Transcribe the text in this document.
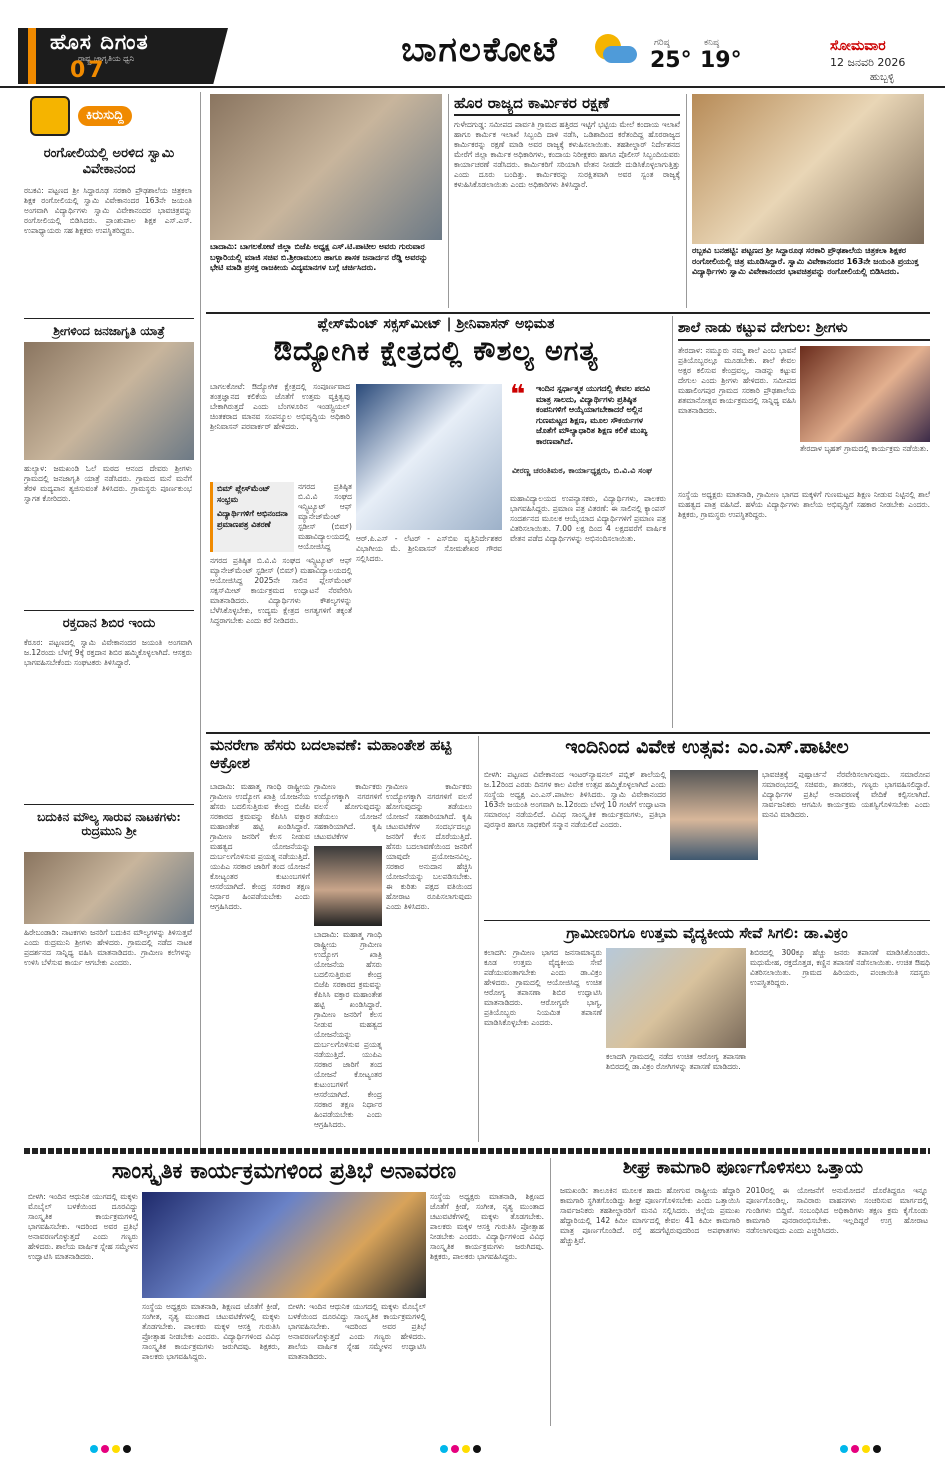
ಹೊಸ ದಿಗಂತ
ರಾಷ್ಟ್ರ ಜಾಗೃತಿಯ ಧ್ವನಿ
07
ಬಾಗಲಕೋಟೆ	ಗರಿಷ್ಠ
25°
ಕನಿಷ್ಠ
19°
ಸೋಮವಾರ
12 ಜನವರಿ 2026
ಹುಬ್ಬಳ್ಳಿ
ಕಿರುಸುದ್ದಿ
ರಂಗೋಲಿಯಲ್ಲಿ ಅರಳಿದ ಸ್ವಾಮಿ ವಿವೇಕಾನಂದ
ರಬಕವಿ: ಪಟ್ಟಣದ ಶ್ರೀ ಸಿದ್ದಾರೂಢ ಸರಕಾರಿ ಪ್ರೌಢಶಾಲೆಯ ಚಿತ್ರಕಲಾ ಶಿಕ್ಷಕ ರಂಗೋಲಿಯಲ್ಲಿ ಸ್ವಾಮಿ ವಿವೇಕಾನಂದರ 163ನೇ ಜಯಂತಿ ಅಂಗವಾಗಿ ವಿದ್ಯಾರ್ಥಿಗಳು ಸ್ವಾಮಿ ವಿವೇಕಾನಂದರ ಭಾವಚಿತ್ರವನ್ನು ರಂಗೋಲಿಯಲ್ಲಿ ಬಿಡಿಸಿದರು. ಪ್ರಾಂಶುಪಾಲ ಶಿಕ್ಷಕ ಎಸ್.ಎಸ್. ಉಪಾಧ್ಯಾಯರು ಸಹ ಶಿಕ್ಷಕರು ಉಪಸ್ಥಿತರಿದ್ದರು.
ಶ್ರೀಗಳಿಂದ ಜನಜಾಗೃತಿ ಯಾತ್ರೆ
ಹುಲ್ಯಾಳ: ಜಮಖಂಡಿ ಓಲೆ ಮಠದ ಆನಂದ ದೇವರು ಶ್ರೀಗಳು ಗ್ರಾಮದಲ್ಲಿ ಜನಜಾಗೃತಿ ಯಾತ್ರೆ ನಡೆಸಿದರು. ಗ್ರಾಮದ ಮನೆ ಮನೆಗೆ ತೆರಳಿ ಮದ್ಯಪಾನ ತ್ಯಜಿಸುವಂತೆ ತಿಳಿಸಿದರು. ಗ್ರಾಮಸ್ಥರು ಪೂರ್ಣಕುಂಭ ಸ್ವಾಗತ ಕೋರಿದರು.
ರಕ್ತದಾನ ಶಿಬಿರ ಇಂದು
ಕೆರೂರ: ಪಟ್ಟಣದಲ್ಲಿ ಸ್ವಾಮಿ ವಿವೇಕಾನಂದರ ಜಯಂತಿ ಅಂಗವಾಗಿ ಜ.12ರಂದು ಬೆಳಗ್ಗೆ 9ಕ್ಕೆ ರಕ್ತದಾನ ಶಿಬಿರ ಹಮ್ಮಿಕೊಳ್ಳಲಾಗಿದೆ. ಆಸಕ್ತರು ಭಾಗವಹಿಸಬೇಕೆಂದು ಸಂಘಟಕರು ತಿಳಿಸಿದ್ದಾರೆ.
ಬದುಕಿನ ಮೌಲ್ಯ ಸಾರುವ ನಾಟಕಗಳು: ರುದ್ರಮುನಿ ಶ್ರೀ
ಹಿರೇಬಂಡಾಡಿ: ನಾಟಕಗಳು ಜನರಿಗೆ ಬದುಕಿನ ಮೌಲ್ಯಗಳನ್ನು ತಿಳಿಸುತ್ತವೆ ಎಂದು ರುದ್ರಮುನಿ ಶ್ರೀಗಳು ಹೇಳಿದರು. ಗ್ರಾಮದಲ್ಲಿ ನಡೆದ ನಾಟಕ ಪ್ರದರ್ಶನದ ಸಾನ್ನಿಧ್ಯ ವಹಿಸಿ ಮಾತನಾಡಿದರು. ಗ್ರಾಮೀಣ ಕಲೆಗಳನ್ನು ಉಳಿಸಿ ಬೆಳೆಸುವ ಕಾರ್ಯ ಆಗಬೇಕು ಎಂದರು.
ಬಾದಾಮಿ: ಬಾಗಲಕೋಟೆ ಜಿಲ್ಲಾ ಬಿಜೆಪಿ ಅಧ್ಯಕ್ಷ ಎಸ್.ಟಿ.ಪಾಟೀಲ ಅವರು ಗುರುವಾರ ಬಳ್ಳಾರಿಯಲ್ಲಿ ಮಾಜಿ ಸಚಿವ ಬಿ.ಶ್ರೀರಾಮುಲು ಹಾಗೂ ಶಾಸಕ ಜನಾರ್ದನ ರೆಡ್ಡಿ ಅವರನ್ನು ಭೇಟಿ ಮಾಡಿ ಪ್ರಸಕ್ತ ರಾಜಕೀಯ ವಿದ್ಯಮಾನಗಳ ಬಗ್ಗೆ ಚರ್ಚಿಸಿದರು.
ಹೊರ ರಾಜ್ಯದ ಕಾರ್ಮಿಕರ ರಕ್ಷಣೆ
ಗುಳೇದಗುಡ್ಡ: ಸಮೀಪದ ಪಾರ್ವತಿ ಗ್ರಾಮದ ಹತ್ತಿರದ ಇಟ್ಟಿಗೆ ಭಟ್ಟಿಯ ಮೇಲೆ ಕಂದಾಯ ಇಲಾಖೆ ಹಾಗೂ ಕಾರ್ಮಿಕ ಇಲಾಖೆ ಸಿಬ್ಬಂದಿ ದಾಳಿ ನಡೆಸಿ, ಒಡಿಶಾದಿಂದ ಕರೆತಂದಿದ್ದ ಹೊರರಾಜ್ಯದ ಕಾರ್ಮಿಕರನ್ನು ರಕ್ಷಣೆ ಮಾಡಿ ಅವರ ರಾಜ್ಯಕ್ಕೆ ಕಳುಹಿಸಲಾಯಿತು. ತಹಶೀಲ್ದಾರ್ ನಿರ್ದೇಶನದ ಮೇರೆಗೆ ಜಿಲ್ಲಾ ಕಾರ್ಮಿಕ ಅಧಿಕಾರಿಗಳು, ಕಂದಾಯ ನಿರೀಕ್ಷಕರು ಹಾಗೂ ಪೊಲೀಸ್ ಸಿಬ್ಬಂದಿಯವರು ಕಾರ್ಯಾಚರಣೆ ನಡೆಸಿದರು. ಕಾರ್ಮಿಕರಿಗೆ ಸರಿಯಾಗಿ ವೇತನ ನೀಡದೇ ದುಡಿಸಿಕೊಳ್ಳಲಾಗುತ್ತಿತ್ತು ಎಂದು ದೂರು ಬಂದಿತ್ತು. ಕಾರ್ಮಿಕರನ್ನು ಸುರಕ್ಷಿತವಾಗಿ ಅವರ ಸ್ವಂತ ರಾಜ್ಯಕ್ಕೆ ಕಳುಹಿಸಿಕೊಡಲಾಯಿತು ಎಂದು ಅಧಿಕಾರಿಗಳು ತಿಳಿಸಿದ್ದಾರೆ.
ರಬ್ಬಕವಿ ಬನಹಟ್ಟಿ: ಪಟ್ಟಣದ ಶ್ರೀ ಸಿದ್ದಾರೂಢ ಸರಕಾರಿ ಪ್ರೌಢಶಾಲೆಯ ಚಿತ್ರಕಲಾ ಶಿಕ್ಷಕರ ರಂಗೋಲಿಯಲ್ಲಿ ಚಿತ್ರ ಮೂಡಿಸಿದ್ದಾರೆ. ಸ್ವಾಮಿ ವಿವೇಕಾನಂದರ 163ನೇ ಜಯಂತಿ ಪ್ರಯುಕ್ತ ವಿದ್ಯಾರ್ಥಿಗಳು ಸ್ವಾಮಿ ವಿವೇಕಾನಂದರ ಭಾವಚಿತ್ರವನ್ನು ರಂಗೋಲಿಯಲ್ಲಿ ಬಿಡಿಸಿದರು.
ಪ್ಲೇಸ್‌ಮೆಂಟ್ ಸಕ್ಸಸ್‌ಮೀಟ್ | ಶ್ರೀನಿವಾಸನ್ ಅಭಿಮತ
ಔದ್ಯೋಗಿಕ ಕ್ಷೇತ್ರದಲ್ಲಿ ಕೌಶಲ್ಯ ಅಗತ್ಯ
ಬಾಗಲಕೋಟೆ: ಔದ್ಯೋಗಿಕ ಕ್ಷೇತ್ರದಲ್ಲಿ ಸಂಪೂರ್ಣವಾದ ತಂತ್ರಜ್ಞಾನದ ಕಲಿಕೆಯ ಜೊತೆಗೆ ಉತ್ತಮ ವ್ಯಕ್ತಿತ್ವವು ಬೇಕಾಗಿರುತ್ತದೆ ಎಂದು ಬೆಂಗಳೂರಿನ ಇಂಡಸ್ಟ್ರಿಯಲ್ ಚಿಂತಕರಾದ ಮಾನವ ಸಂಪನ್ಮೂಲ ಅಭಿವೃದ್ಧಿಯ ಅಧಿಕಾರಿ ಶ್ರೀನಿವಾಸನ್ ಪರವಾರ್ಕರ್ ಹೇಳಿದರು.
ಬಿಮ್ ಪ್ಲೇಸ್‌ಮೆಂಟ್ ಸಂಭ್ರಮ
ವಿದ್ಯಾರ್ಥಿಗಳಿಗೆ ಅಭಿನಂದನಾ ಪ್ರಮಾಣಪತ್ರ ವಿತರಣೆ
ನಗರದ ಪ್ರತಿಷ್ಠಿತ ಬಿ.ವಿ.ವಿ ಸಂಘದ ಇನ್ಸ್ಟಿಟ್ಯೂಟ್ ಆಫ್ ಮ್ಯಾನೇಜ್‌ಮೆಂಟ್ ಸ್ಟಡೀಸ್ (ಬಿಮ್) ಮಹಾವಿದ್ಯಾಲಯದಲ್ಲಿ ಆಯೋಜಿಸಿದ್ದ
ನಗರದ ಪ್ರತಿಷ್ಠಿತ ಬಿ.ವಿ.ವಿ ಸಂಘದ ಇನ್ಸ್ಟಿಟ್ಯೂಟ್ ಆಫ್ ಮ್ಯಾನೇಜ್‌ಮೆಂಟ್ ಸ್ಟಡೀಸ್ (ಬಿಮ್) ಮಹಾವಿದ್ಯಾಲಯದಲ್ಲಿ ಆಯೋಜಿಸಿದ್ದ 2025ನೇ ಸಾಲಿನ ಪ್ಲೇಸ್‌ಮೆಂಟ್ ಸಕ್ಸಸ್‌ಮೀಟ್ ಕಾರ್ಯಕ್ರಮದ ಉದ್ಘಾಟನೆ ನೆರವೇರಿಸಿ ಮಾತನಾಡಿದರು. ವಿದ್ಯಾರ್ಥಿಗಳು ಕೌಶಲ್ಯಗಳನ್ನು ಬೆಳೆಸಿಕೊಳ್ಳಬೇಕು, ಉದ್ಯಮ ಕ್ಷೇತ್ರದ ಅಗತ್ಯಗಳಿಗೆ ತಕ್ಕಂತೆ ಸಿದ್ಧರಾಗಬೇಕು ಎಂದು ಕರೆ ನೀಡಿದರು.
ಆರ್.ಪಿ.ಎಸ್ - ಲೆಟರ್ - ಎಸ್‌ಬಿಐ ವೃತ್ತಿನಿರ್ದೇಶಕರ ವಿಭಾಗೀಯ ಮೆ. ಶ್ರೀನಿವಾಸನ್ ಸೋಮಶೇಖರ ಗೌರವ ಸಲ್ಲಿಸಿದರು.
❝	ಇಂದಿನ ಸ್ಪರ್ಧಾತ್ಮಕ ಯುಗದಲ್ಲಿ ಕೇವಲ ಪದವಿ ಮಾತ್ರ ಸಾಲದು, ವಿದ್ಯಾರ್ಥಿಗಳು ಪ್ರತಿಷ್ಠಿತ ಕಂಪನಿಗಳಿಗೆ ಆಯ್ಕೆಯಾಗಬೇಕಾದರೆ ಅಲ್ಲಿನ ಗುಣಮಟ್ಟದ ಶಿಕ್ಷಣ, ಮೂಲ ಸೌಕರ್ಯಗಳ ಜೊತೆಗೆ ಮೌಲ್ಯಾಧಾರಿತ ಶಿಕ್ಷಣ ಕಲಿಕೆ ಮುಖ್ಯ ಕಾರಣವಾಗಿದೆ.
ವೀರಣ್ಣ ಚರಂತಿಮಠ, ಕಾರ್ಯಾಧ್ಯಕ್ಷರು, ಬಿ.ವಿ.ವಿ ಸಂಘ
ಮಹಾವಿದ್ಯಾಲಯದ ಉಪನ್ಯಾಸಕರು, ವಿದ್ಯಾರ್ಥಿಗಳು, ಪಾಲಕರು ಭಾಗವಹಿಸಿದ್ದರು. ಪ್ರಮಾಣ ಪತ್ರ ವಿತರಣೆ: ಈ ಸಾಲಿನಲ್ಲಿ ಕ್ಯಾಂಪಸ್ ಸಂದರ್ಶನದ ಮೂಲಕ ಆಯ್ಕೆಯಾದ ವಿದ್ಯಾರ್ಥಿಗಳಿಗೆ ಪ್ರಮಾಣ ಪತ್ರ ವಿತರಿಸಲಾಯಿತು. 7.00 ಲಕ್ಷ ದಿಂದ 4 ಲಕ್ಷದವರೆಗೆ ವಾರ್ಷಿಕ ವೇತನ ಪಡೆದ ವಿದ್ಯಾರ್ಥಿಗಳನ್ನು ಅಭಿನಂದಿಸಲಾಯಿತು.
ಶಾಲೆ ನಾಡು ಕಟ್ಟುವ ದೇಗುಲ: ಶ್ರೀಗಳು
ತೇರದಾಳ: ನಮ್ಮೂರು ನಮ್ಮ ಶಾಲೆ ಎಂಬ ಭಾವನೆ ಪ್ರತಿಯೊಬ್ಬರಲ್ಲೂ ಮೂಡಬೇಕು. ಶಾಲೆ ಕೇವಲ ಅಕ್ಷರ ಕಲಿಸುವ ಕೇಂದ್ರವಲ್ಲ, ನಾಡನ್ನು ಕಟ್ಟುವ ದೇಗುಲ ಎಂದು ಶ್ರೀಗಳು ಹೇಳಿದರು. ಸಮೀಪದ ಮಹಾಲಿಂಗಪುರ ಗ್ರಾಮದ ಸರಕಾರಿ ಪ್ರೌಢಶಾಲೆಯ ಶತಮಾನೋತ್ಸವ ಕಾರ್ಯಕ್ರಮದಲ್ಲಿ ಸಾನ್ನಿಧ್ಯ ವಹಿಸಿ ಮಾತನಾಡಿದರು.
ತೇರದಾಳ ಬೃಹತ್ ಗ್ರಾಮದಲ್ಲಿ ಕಾರ್ಯಕ್ರಮ ನಡೆಯಿತು.
ಸಂಸ್ಥೆಯ ಅಧ್ಯಕ್ಷರು ಮಾತನಾಡಿ, ಗ್ರಾಮೀಣ ಭಾಗದ ಮಕ್ಕಳಿಗೆ ಗುಣಮಟ್ಟದ ಶಿಕ್ಷಣ ನೀಡುವ ನಿಟ್ಟಿನಲ್ಲಿ ಶಾಲೆ ಮಹತ್ವದ ಪಾತ್ರ ವಹಿಸಿದೆ. ಹಳೆಯ ವಿದ್ಯಾರ್ಥಿಗಳು ಶಾಲೆಯ ಅಭಿವೃದ್ಧಿಗೆ ಸಹಕಾರ ನೀಡಬೇಕು ಎಂದರು. ಶಿಕ್ಷಕರು, ಗ್ರಾಮಸ್ಥರು ಉಪಸ್ಥಿತರಿದ್ದರು.
ಮನರೇಗಾ ಹೆಸರು ಬದಲಾವಣೆ: ಮಹಾಂತೇಶ ಹಟ್ಟಿ ಆಕ್ರೋಶ
ಬಾದಾಮಿ: ಮಹಾತ್ಮ ಗಾಂಧಿ ರಾಷ್ಟ್ರೀಯ ಗ್ರಾಮೀಣ ಉದ್ಯೋಗ ಖಾತ್ರಿ ಯೋಜನೆಯ ಹೆಸರು ಬದಲಿಸುತ್ತಿರುವ ಕೇಂದ್ರ ಬಿಜೆಪಿ ಸರಕಾರದ ಕ್ರಮವನ್ನು ಕೆಪಿಸಿಸಿ ವಕ್ತಾರ ಮಹಾಂತೇಶ ಹಟ್ಟಿ ಖಂಡಿಸಿದ್ದಾರೆ. ಗ್ರಾಮೀಣ ಜನರಿಗೆ ಕೆಲಸ ನೀಡುವ ಮಹತ್ವದ ಯೋಜನೆಯನ್ನು ದುರ್ಬಲಗೊಳಿಸುವ ಪ್ರಯತ್ನ ನಡೆಯುತ್ತಿದೆ. ಯುಪಿಎ ಸರಕಾರ ಜಾರಿಗೆ ತಂದ ಯೋಜನೆ ಕೋಟ್ಯಂತರ ಕುಟುಂಬಗಳಿಗೆ ಆಸರೆಯಾಗಿದೆ. ಕೇಂದ್ರ ಸರಕಾರ ತಕ್ಷಣ ನಿರ್ಧಾರ ಹಿಂಪಡೆಯಬೇಕು ಎಂದು ಆಗ್ರಹಿಸಿದರು.
ಗ್ರಾಮೀಣ ಕಾರ್ಮಿಕರು ಉದ್ಯೋಗಕ್ಕಾಗಿ ನಗರಗಳಿಗೆ ವಲಸೆ ಹೋಗುವುದನ್ನು ತಡೆಯಲು ಯೋಜನೆ ಸಹಕಾರಿಯಾಗಿದೆ. ಕೃಷಿ ಚಟುವಟಿಕೆಗಳ
ಬಾದಾಮಿ: ಮಹಾತ್ಮ ಗಾಂಧಿ ರಾಷ್ಟ್ರೀಯ ಗ್ರಾಮೀಣ ಉದ್ಯೋಗ ಖಾತ್ರಿ ಯೋಜನೆಯ ಹೆಸರು ಬದಲಿಸುತ್ತಿರುವ ಕೇಂದ್ರ ಬಿಜೆಪಿ ಸರಕಾರದ ಕ್ರಮವನ್ನು ಕೆಪಿಸಿಸಿ ವಕ್ತಾರ ಮಹಾಂತೇಶ ಹಟ್ಟಿ ಖಂಡಿಸಿದ್ದಾರೆ. ಗ್ರಾಮೀಣ ಜನರಿಗೆ ಕೆಲಸ ನೀಡುವ ಮಹತ್ವದ ಯೋಜನೆಯನ್ನು ದುರ್ಬಲಗೊಳಿಸುವ ಪ್ರಯತ್ನ ನಡೆಯುತ್ತಿದೆ. ಯುಪಿಎ ಸರಕಾರ ಜಾರಿಗೆ ತಂದ ಯೋಜನೆ ಕೋಟ್ಯಂತರ ಕುಟುಂಬಗಳಿಗೆ ಆಸರೆಯಾಗಿದೆ. ಕೇಂದ್ರ ಸರಕಾರ ತಕ್ಷಣ ನಿರ್ಧಾರ ಹಿಂಪಡೆಯಬೇಕು ಎಂದು ಆಗ್ರಹಿಸಿದರು.
ಗ್ರಾಮೀಣ ಕಾರ್ಮಿಕರು ಉದ್ಯೋಗಕ್ಕಾಗಿ ನಗರಗಳಿಗೆ ವಲಸೆ ಹೋಗುವುದನ್ನು ತಡೆಯಲು ಯೋಜನೆ ಸಹಕಾರಿಯಾಗಿದೆ. ಕೃಷಿ ಚಟುವಟಿಕೆಗಳ ಸಂದರ್ಭದಲ್ಲೂ ಜನರಿಗೆ ಕೆಲಸ ದೊರೆಯುತ್ತಿದೆ. ಹೆಸರು ಬದಲಾವಣೆಯಿಂದ ಜನರಿಗೆ ಯಾವುದೇ ಪ್ರಯೋಜನವಿಲ್ಲ. ಸರಕಾರ ಅನುದಾನ ಹೆಚ್ಚಿಸಿ ಯೋಜನೆಯನ್ನು ಬಲಪಡಿಸಬೇಕು. ಈ ಕುರಿತು ಪಕ್ಷದ ವತಿಯಿಂದ ಹೋರಾಟ ರೂಪಿಸಲಾಗುವುದು ಎಂದು ತಿಳಿಸಿದರು.
ಇಂದಿನಿಂದ ವಿವೇಕ ಉತ್ಸವ: ಎಂ.ಎಸ್.ಪಾಟೀಲ
ಬೀಳಗಿ: ಪಟ್ಟಣದ ವಿವೇಕಾನಂದ ಇಂಟರ್‌ನ್ಯಾಷನಲ್ ಪಬ್ಲಿಕ್ ಶಾಲೆಯಲ್ಲಿ ಜ.12ರಿಂದ ಎರಡು ದಿನಗಳ ಕಾಲ ವಿವೇಕ ಉತ್ಸವ ಹಮ್ಮಿಕೊಳ್ಳಲಾಗಿದೆ ಎಂದು ಸಂಸ್ಥೆಯ ಅಧ್ಯಕ್ಷ ಎಂ.ಎಸ್.ಪಾಟೀಲ ತಿಳಿಸಿದರು. ಸ್ವಾಮಿ ವಿವೇಕಾನಂದರ 163ನೇ ಜಯಂತಿ ಅಂಗವಾಗಿ ಜ.12ರಂದು ಬೆಳಗ್ಗೆ 10 ಗಂಟೆಗೆ ಉದ್ಘಾಟನಾ ಸಮಾರಂಭ ನಡೆಯಲಿದೆ. ವಿವಿಧ ಸಾಂಸ್ಕೃತಿಕ ಕಾರ್ಯಕ್ರಮಗಳು, ಪ್ರತಿಭಾ ಪುರಸ್ಕಾರ ಹಾಗೂ ಸಾಧಕರಿಗೆ ಸನ್ಮಾನ ನಡೆಯಲಿದೆ ಎಂದರು.
ಭಾವಚಿತ್ರಕ್ಕೆ ಪುಷ್ಪಾರ್ಚನೆ ನೆರವೇರಿಸಲಾಗುವುದು. ಸಮಾರೋಪ ಸಮಾರಂಭದಲ್ಲಿ ಸಚಿವರು, ಶಾಸಕರು, ಗಣ್ಯರು ಭಾಗವಹಿಸಲಿದ್ದಾರೆ. ವಿದ್ಯಾರ್ಥಿಗಳ ಪ್ರತಿಭೆ ಅನಾವರಣಕ್ಕೆ ವೇದಿಕೆ ಕಲ್ಪಿಸಲಾಗಿದೆ. ಸಾರ್ವಜನಿಕರು ಆಗಮಿಸಿ ಕಾರ್ಯಕ್ರಮ ಯಶಸ್ವಿಗೊಳಿಸಬೇಕು ಎಂದು ಮನವಿ ಮಾಡಿದರು.
ಗ್ರಾಮೀಣರಿಗೂ ಉತ್ತಮ ವೈದ್ಯಕೀಯ ಸೇವೆ ಸಿಗಲಿ: ಡಾ.ವಿಕ್ರಂ
ಕಲಾದಗಿ: ಗ್ರಾಮೀಣ ಭಾಗದ ಜನಸಾಮಾನ್ಯರು ಕೂಡ ಉತ್ತಮ ವೈದ್ಯಕೀಯ ಸೇವೆ ಪಡೆಯುವಂತಾಗಬೇಕು ಎಂದು ಡಾ.ವಿಕ್ರಂ ಹೇಳಿದರು. ಗ್ರಾಮದಲ್ಲಿ ಆಯೋಜಿಸಿದ್ದ ಉಚಿತ ಆರೋಗ್ಯ ತಪಾಸಣಾ ಶಿಬಿರ ಉದ್ಘಾಟಿಸಿ ಮಾತನಾಡಿದರು. ಆರೋಗ್ಯವೇ ಭಾಗ್ಯ, ಪ್ರತಿಯೊಬ್ಬರು ನಿಯಮಿತ ತಪಾಸಣೆ ಮಾಡಿಸಿಕೊಳ್ಳಬೇಕು ಎಂದರು.
ಕಲಾದಗಿ ಗ್ರಾಮದಲ್ಲಿ ನಡೆದ ಉಚಿತ ಆರೋಗ್ಯ ತಪಾಸಣಾ ಶಿಬಿರದಲ್ಲಿ ಡಾ.ವಿಕ್ರಂ ರೋಗಿಗಳನ್ನು ತಪಾಸಣೆ ಮಾಡಿದರು.
ಶಿಬಿರದಲ್ಲಿ 300ಕ್ಕೂ ಹೆಚ್ಚು ಜನರು ತಪಾಸಣೆ ಮಾಡಿಸಿಕೊಂಡರು. ಮಧುಮೇಹ, ರಕ್ತದೊತ್ತಡ, ಕಣ್ಣಿನ ತಪಾಸಣೆ ನಡೆಸಲಾಯಿತು. ಉಚಿತ ಔಷಧಿ ವಿತರಿಸಲಾಯಿತು. ಗ್ರಾಮದ ಹಿರಿಯರು, ಪಂಚಾಯಿತಿ ಸದಸ್ಯರು ಉಪಸ್ಥಿತರಿದ್ದರು.
ಸಾಂಸ್ಕೃತಿಕ ಕಾರ್ಯಕ್ರಮಗಳಿಂದ ಪ್ರತಿಭೆ ಅನಾವರಣ
ಬೀಳಗಿ: ಇಂದಿನ ಆಧುನಿಕ ಯುಗದಲ್ಲಿ ಮಕ್ಕಳು ಮೊಬೈಲ್ ಬಳಕೆಯಿಂದ ದೂರವಿದ್ದು ಸಾಂಸ್ಕೃತಿಕ ಕಾರ್ಯಕ್ರಮಗಳಲ್ಲಿ ಭಾಗವಹಿಸಬೇಕು. ಇದರಿಂದ ಅವರ ಪ್ರತಿಭೆ ಅನಾವರಣಗೊಳ್ಳುತ್ತದೆ ಎಂದು ಗಣ್ಯರು ಹೇಳಿದರು. ಶಾಲೆಯ ವಾರ್ಷಿಕ ಸ್ನೇಹ ಸಮ್ಮೇಳನ ಉದ್ಘಾಟಿಸಿ ಮಾತನಾಡಿದರು.
ಸಂಸ್ಥೆಯ ಅಧ್ಯಕ್ಷರು ಮಾತನಾಡಿ, ಶಿಕ್ಷಣದ ಜೊತೆಗೆ ಕ್ರೀಡೆ, ಸಂಗೀತ, ನೃತ್ಯ ಮುಂತಾದ ಚಟುವಟಿಕೆಗಳಲ್ಲಿ ಮಕ್ಕಳು ತೊಡಗಬೇಕು. ಪಾಲಕರು ಮಕ್ಕಳ ಆಸಕ್ತಿ ಗುರುತಿಸಿ ಪ್ರೋತ್ಸಾಹ ನೀಡಬೇಕು ಎಂದರು. ವಿದ್ಯಾರ್ಥಿಗಳಿಂದ ವಿವಿಧ ಸಾಂಸ್ಕೃತಿಕ ಕಾರ್ಯಕ್ರಮಗಳು ಜರುಗಿದವು. ಶಿಕ್ಷಕರು, ಪಾಲಕರು ಭಾಗವಹಿಸಿದ್ದರು.
ಬೀಳಗಿ: ಇಂದಿನ ಆಧುನಿಕ ಯುಗದಲ್ಲಿ ಮಕ್ಕಳು ಮೊಬೈಲ್ ಬಳಕೆಯಿಂದ ದೂರವಿದ್ದು ಸಾಂಸ್ಕೃತಿಕ ಕಾರ್ಯಕ್ರಮಗಳಲ್ಲಿ ಭಾಗವಹಿಸಬೇಕು. ಇದರಿಂದ ಅವರ ಪ್ರತಿಭೆ ಅನಾವರಣಗೊಳ್ಳುತ್ತದೆ ಎಂದು ಗಣ್ಯರು ಹೇಳಿದರು. ಶಾಲೆಯ ವಾರ್ಷಿಕ ಸ್ನೇಹ ಸಮ್ಮೇಳನ ಉದ್ಘಾಟಿಸಿ ಮಾತನಾಡಿದರು.
ಸಂಸ್ಥೆಯ ಅಧ್ಯಕ್ಷರು ಮಾತನಾಡಿ, ಶಿಕ್ಷಣದ ಜೊತೆಗೆ ಕ್ರೀಡೆ, ಸಂಗೀತ, ನೃತ್ಯ ಮುಂತಾದ ಚಟುವಟಿಕೆಗಳಲ್ಲಿ ಮಕ್ಕಳು ತೊಡಗಬೇಕು. ಪಾಲಕರು ಮಕ್ಕಳ ಆಸಕ್ತಿ ಗುರುತಿಸಿ ಪ್ರೋತ್ಸಾಹ ನೀಡಬೇಕು ಎಂದರು. ವಿದ್ಯಾರ್ಥಿಗಳಿಂದ ವಿವಿಧ ಸಾಂಸ್ಕೃತಿಕ ಕಾರ್ಯಕ್ರಮಗಳು ಜರುಗಿದವು. ಶಿಕ್ಷಕರು, ಪಾಲಕರು ಭಾಗವಹಿಸಿದ್ದರು.
ಶೀಘ್ರ ಕಾಮಗಾರಿ ಪೂರ್ಣಗೊಳಿಸಲು ಒತ್ತಾಯ
ಜಮಖಂಡಿ: ತಾಲೂಕಿನ ಮೂಲಕ ಹಾದು ಹೋಗುವ ರಾಷ್ಟ್ರೀಯ ಹೆದ್ದಾರಿ ಕಾಮಗಾರಿ ಸ್ಥಗಿತಗೊಂಡಿದ್ದು ಶೀಘ್ರ ಪೂರ್ಣಗೊಳಿಸಬೇಕು ಎಂದು ಒತ್ತಾಯಿಸಿ ಸಾರ್ವಜನಿಕರು ತಹಶೀಲ್ದಾರರಿಗೆ ಮನವಿ ಸಲ್ಲಿಸಿದರು. ಜಿಲ್ಲೆಯ ಪ್ರಮುಖ ಹೆದ್ದಾರಿಯಲ್ಲಿ 142 ಕಿಮೀ ಮಾರ್ಗದಲ್ಲಿ ಕೇವಲ 41 ಕಿಮೀ ಕಾಮಗಾರಿ ಮಾತ್ರ ಪೂರ್ಣಗೊಂಡಿದೆ. ರಸ್ತೆ ಹದಗೆಟ್ಟಿರುವುದರಿಂದ ಅಪಘಾತಗಳು ಹೆಚ್ಚುತ್ತಿವೆ.
2010ರಲ್ಲಿ ಈ ಯೋಜನೆಗೆ ಅನುಮೋದನೆ ದೊರೆತಿದ್ದರೂ ಇನ್ನೂ ಪೂರ್ಣಗೊಂಡಿಲ್ಲ. ಸಾವಿರಾರು ವಾಹನಗಳು ಸಂಚರಿಸುವ ಮಾರ್ಗದಲ್ಲಿ ಗುಂಡಿಗಳು ಬಿದ್ದಿವೆ. ಸಂಬಂಧಿಸಿದ ಅಧಿಕಾರಿಗಳು ತಕ್ಷಣ ಕ್ರಮ ಕೈಗೊಂಡು ಕಾಮಗಾರಿ ಪುನರಾರಂಭಿಸಬೇಕು. ಇಲ್ಲದಿದ್ದರೆ ಉಗ್ರ ಹೋರಾಟ ನಡೆಸಲಾಗುವುದು ಎಂದು ಎಚ್ಚರಿಸಿದರು.
